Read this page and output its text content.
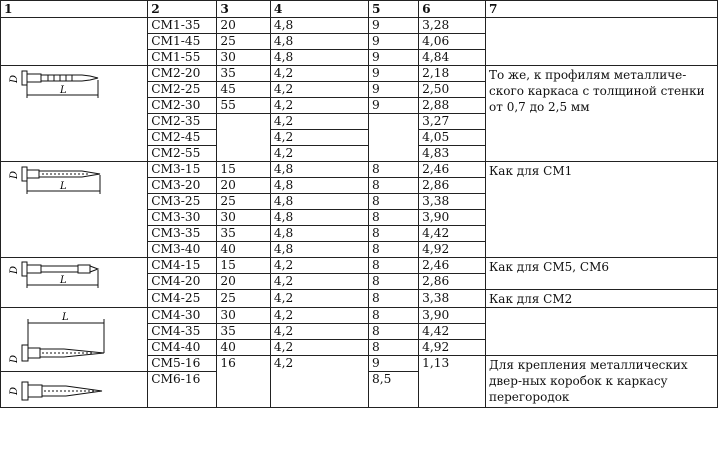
1	2	3	4	5	6	7
	СМ1-35	20	4,8	9	3,28	
	СМ1-45	25	4,8	9	4,06	
	СМ1-55	30	4,8	9	4,84	

D
L	СМ2-20	35	4,2	9	2,18	То же, к профилям металличе-ского каркаса с толщиной стенки от 0,7 до 2,5 мм
	СМ2-25	45	4,2	9	2,50	
	СМ2-30	55	4,2	9	2,88	
	СМ2-35		4,2		3,27	
	СМ2-45		4,2		4,05	
	СМ2-55		4,2		4,83	

D
L	СМ3-15	15	4,8	8	2,46	Как для СМ1
	СМ3-20	20	4,8	8	2,86	
	СМ3-25	25	4,8	8	3,38	
	СМ3-30	30	4,8	8	3,90	
	СМ3-35	35	4,8	8	4,42	
	СМ3-40	40	4,8	8	4,92	

D
L	СМ4-15	15	4,2	8	2,46	Как для СМ5, СМ6
	СМ4-20	20	4,2	8	2,86	
	СМ4-25	25	4,2	8	3,38	Как для СМ2

L
D	СМ4-30	30	4,2	8	3,90	
	СМ4-35	35	4,2	8	4,42	
	СМ4-40	40	4,2	8	4,92	
	СМ5-16	16	4,2	9	1,13	Для крепления металлических двер-ных коробок к каркасу перегородок

D	СМ6-16			8,5		
